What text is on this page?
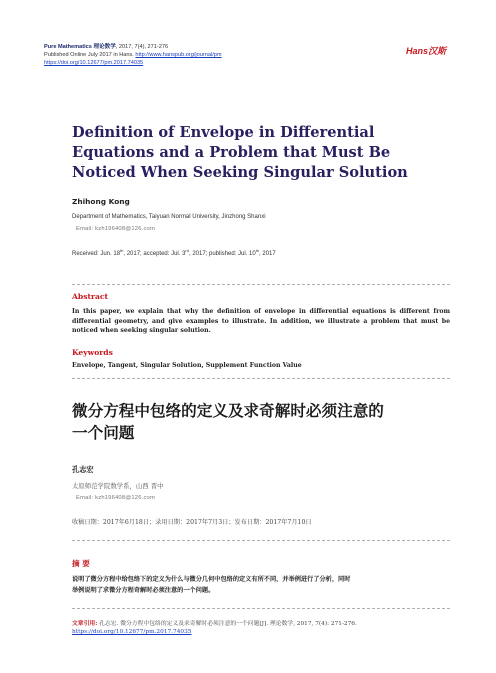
Pure Mathematics 理论数学, 2017, 7(4), 271-276
Published Online July 2017 in Hans. http://www.hanspub.org/journal/pm
https://doi.org/10.12677/pm.2017.74035
Hans汉斯
Definition of Envelope in Differential
Equations and a Problem that Must Be
Noticed When Seeking Singular Solution
Zhihong Kong
Department of Mathematics, Taiyuan Normal University, Jinzhong Shanxi
Email: kzh196408@126.com
Received: Jun. 18th, 2017; accepted: Jul. 3rd, 2017; published: Jul. 10th, 2017
Abstract
In this paper, we explain that why the definition of envelope in differential equations is different from differential geometry, and give examples to illustrate. In addition, we illustrate a problem that must be noticed when seeking singular solution.
Keywords
Envelope, Tangent, Singular Solution, Supplement Function Value
微分方程中包络的定义及求奇解时必须注意的
一个问题
孔志宏
太原师范学院数学系，山西 晋中
Email: kzh196408@126.com
收稿日期：2017年6月18日；录用日期：2017年7月3日；发布日期：2017年7月10日
摘 要
说明了微分方程中给包络下的定义为什么与微分几何中包络的定义有所不同，并举例进行了分析，同时
举例说明了求微分方程奇解时必须注意的一个问题。
文章引用: 孔志宏. 微分方程中包络的定义及求奇解时必须注意的一个问题[J]. 理论数学, 2017, 7(4): 271-276.
https://doi.org/10.12677/pm.2017.74035
